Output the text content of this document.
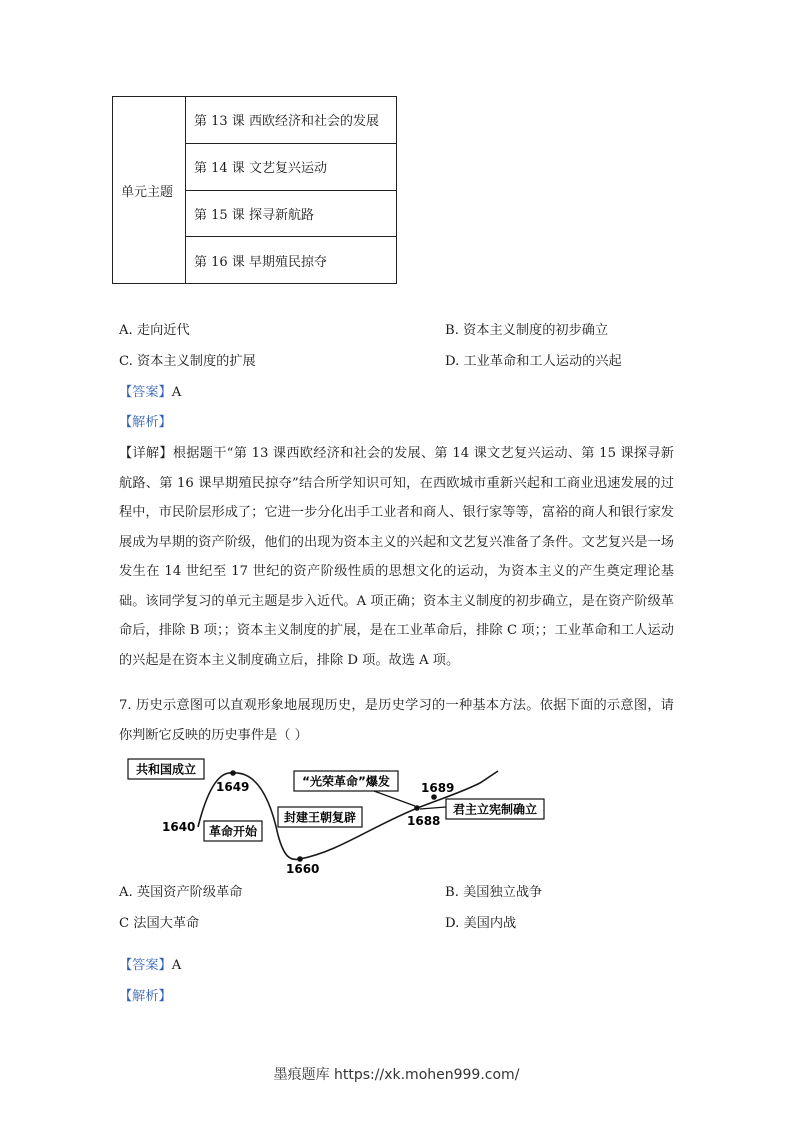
单元主题	第 13 课 西欧经济和社会的发展
第 14 课 文艺复兴运动
第 15 课 探寻新航路
第 16 课 早期殖民掠夺
A. 走向近代	B. 资本主义制度的初步确立
C. 资本主义制度的扩展	D. 工业革命和工人运动的兴起
【答案】A
【解析】
【详解】根据题干“第 13 课西欧经济和社会的发展、第 14 课文艺复兴运动、第 15 课探寻新航路、第 16 课早期殖民掠夺”结合所学知识可知，在西欧城市重新兴起和工商业迅速发展的过程中，市民阶层形成了；它进一步分化出手工业者和商人、银行家等等，富裕的商人和银行家发展成为早期的资产阶级，他们的出现为资本主义的兴起和文艺复兴准备了条件。文艺复兴是一场发生在 14 世纪至 17 世纪的资产阶级性质的思想文化的运动，为资本主义的产生奠定理论基础。该同学复习的单元主题是步入近代。A 项正确；资本主义制度的初步确立，是在资产阶级革命后，排除 B 项；；资本主义制度的扩展，是在工业革命后，排除 C 项；；工业革命和工人运动的兴起是在资本主义制度确立后，排除 D 项。故选 A 项。
7. 历史示意图可以直观形象地展现历史，是历史学习的一种基本方法。依据下面的示意图，请你判断它反映的历史事件是（ ）
共和国成立
革命开始
封建王朝复辟
“光荣革命”爆发
君主立宪制确立
1640
1649
1660
1688
1689
A. 英国资产阶级革命	B. 美国独立战争
C 法国大革命	D. 美国内战
【答案】A
【解析】
墨痕题库 https://xk.mohen999.com/
